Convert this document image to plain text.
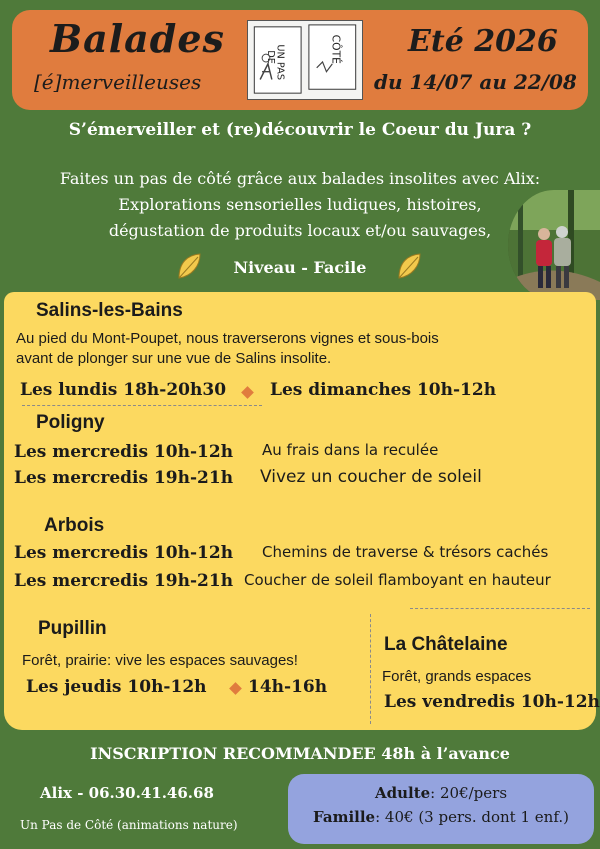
Balades
[é]merveilleuses
UN PAS
DE	CÔTÉ Eté 2026
du 14/07 au 22/08
S’émerveiller et (re)découvrir le Coeur du Jura ?
Faites un pas de côté grâce aux balades insolites avec Alix:
Explorations sensorielles ludiques, histoires,
dégustation de produits locaux et/ou sauvages,
Niveau - Facile
Salins-les-Bains
Au pied du Mont-Poupet, nous traverserons vignes et sous-bois
avant de plonger sur une vue de Salins insolite.
Les lundis 18h-20h30	Les dimanches 10h-12h
Poligny
Les mercredis 10h-12h Au frais dans la reculée
Les mercredis 19h-21h Vivez un coucher de soleil
Arbois
Les mercredis 10h-12h Chemins de traverse & trésors cachés
Les mercredis 19h-21h Coucher de soleil flamboyant en hauteur
Pupillin
Forêt, prairie: vive les espaces sauvages!
Les jeudis 10h-12h 14h-16h
La Châtelaine
Forêt, grands espaces
Les vendredis 10h-12h
INSCRIPTION RECOMMANDEE 48h à l’avance
Alix - 06.30.41.46.68
Un Pas de Côté (animations nature)
Adulte: 20€/pers
Famille: 40€ (3 pers. dont 1 enf.)
